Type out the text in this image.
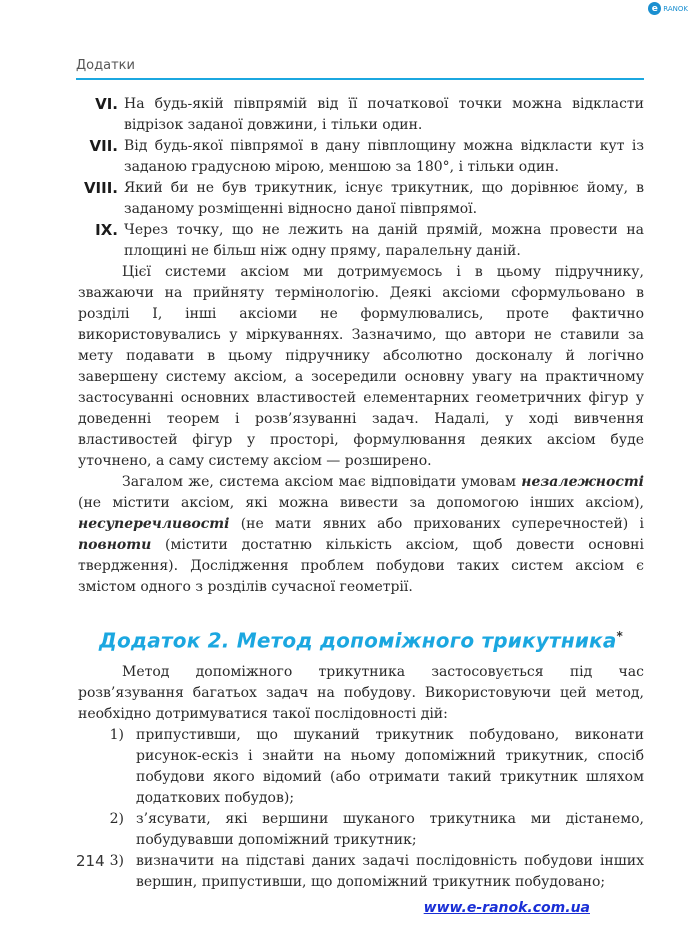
e RANOK
Додатки
VI. На будь-якій півпрямій від її початкової точки можна відкласти відрізок заданої довжини, і тільки один.
VII. Від будь-якої півпрямої в дану півплощину можна відкласти кут із заданою градусною мірою, меншою за 180°, і тільки один.
VIII. Який би не був трикутник, існує трикутник, що дорівнює йому, в заданому розміщенні відносно даної півпрямої.
IX. Через точку, що не лежить на даній прямій, можна провести на площині не більш ніж одну пряму, паралельну даній.

Цієї системи аксіом ми дотримуємось і в цьому підручнику, зважаючи на прийняту термінологію. Деякі аксіоми сформульовано в розділі I, інші аксіоми не формулювались, проте фактично використовувались у міркуваннях. Зазначимо, що автори не ставили за мету подавати в цьому підручнику абсолютно досконалу й логічно завершену систему аксіом, а зосередили основну увагу на практичному застосуванні основних властивостей елементарних геометричних фігур у доведенні теорем і розв’язуванні задач. Надалі, у ході вивчення властивостей фігур у просторі, формулювання деяких аксіом буде уточнено, а саму систему аксіом — розширено.

Загалом же, система аксіом має відповідати умовам незалежності (не містити аксіом, які можна вивести за допомогою інших аксіом), несуперечливості (не мати явних або прихованих суперечностей) і повноти (містити достатню кількість аксіом, щоб довести основні твердження). Дослідження проблем побудови таких систем аксіом є змістом одного з розділів сучасної геометрії.

Додаток 2. Метод допоміжного трикутника*

Метод допоміжного трикутника застосовується під час розв’язування багатьох задач на побудову. Використовуючи цей метод, необхідно дотримуватися такої послідовності дій:

1) припустивши, що шуканий трикутник побудовано, виконати рисунок-ескіз і знайти на ньому допоміжний трикутник, спосіб побудови якого відомий (або отримати такий трикутник шляхом додаткових побудов);
2) з’ясувати, які вершини шуканого трикутника ми дістанемо, побудувавши допоміжний трикутник;
3) визначити на підставі даних задачі послідовність побудови інших вершин, припустивши, що допоміжний трикутник побудовано;
214
www.e-ranok.com.ua
